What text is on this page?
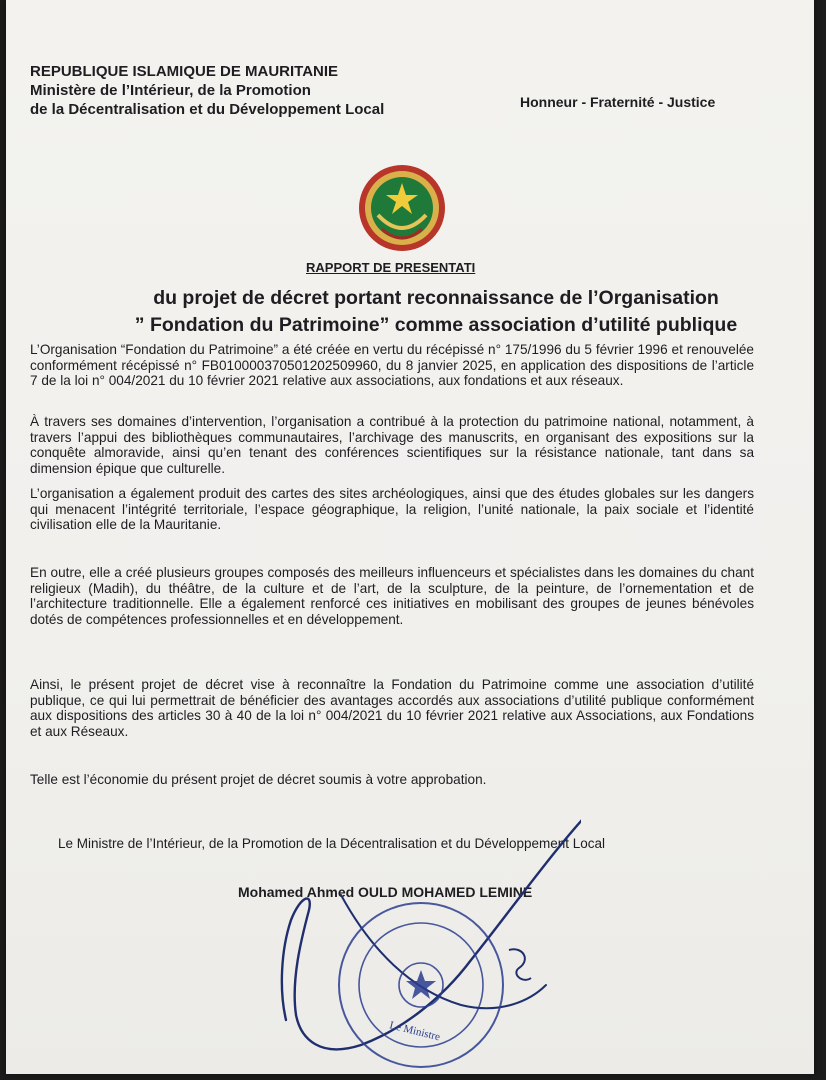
REPUBLIQUE ISLAMIQUE DE MAURITANIE
Ministère de l’Intérieur, de la Promotion
de la Décentralisation et du Développement Local	Honneur - Fraternité - Justice
RAPPORT DE PRESENTATI
du projet de décret portant reconnaissance de l’Organisation
” Fondation du Patrimoine” comme association d’utilité publique
L’Organisation “Fondation du Patrimoine” a été créée en vertu du récépissé n° 175/1996 du 5 février 1996 et renouvelée conformément récépissé n° FB010000370501202509960, du 8 janvier 2025, en application des dispositions de l’article 7 de la loi n° 004/2021 du 10 février 2021 relative aux associations, aux fondations et aux réseaux.
À travers ses domaines d’intervention, l’organisation a contribué à la protection du patrimoine national, notamment, à travers l’appui des bibliothèques communautaires, l’archivage des manuscrits, en organisant des expositions sur la conquête almoravide, ainsi qu’en tenant des conférences scientifiques sur la résistance nationale, tant dans sa dimension épique que culturelle.
L’organisation a également produit des cartes des sites archéologiques, ainsi que des études globales sur les dangers qui menacent l’intégrité territoriale, l’espace géographique, la religion, l’unité nationale, la paix sociale et l’identité civilisation elle de la Mauritanie.
En outre, elle a créé plusieurs groupes composés des meilleurs influenceurs et spécialistes dans les domaines du chant religieux (Madih), du théâtre, de la culture et de l’art, de la sculpture, de la peinture, de l’ornementation et de l’architecture traditionnelle. Elle a également renforcé ces initiatives en mobilisant des groupes de jeunes bénévoles dotés de compétences professionnelles et en développement.
Ainsi, le présent projet de décret vise à reconnaître la Fondation du Patrimoine comme une association d’utilité publique, ce qui lui permettrait de bénéficier des avantages accordés aux associations d’utilité publique conformément aux dispositions des articles 30 à 40 de la loi n° 004/2021 du 10 février 2021 relative aux Associations, aux Fondations et aux Réseaux.
Telle est l’économie du présent projet de décret soumis à votre approbation.
Le Ministre de l’Intérieur, de la Promotion de la Décentralisation et du Développement Local
Mohamed Ahmed OULD MOHAMED LEMINE
Le Ministre
